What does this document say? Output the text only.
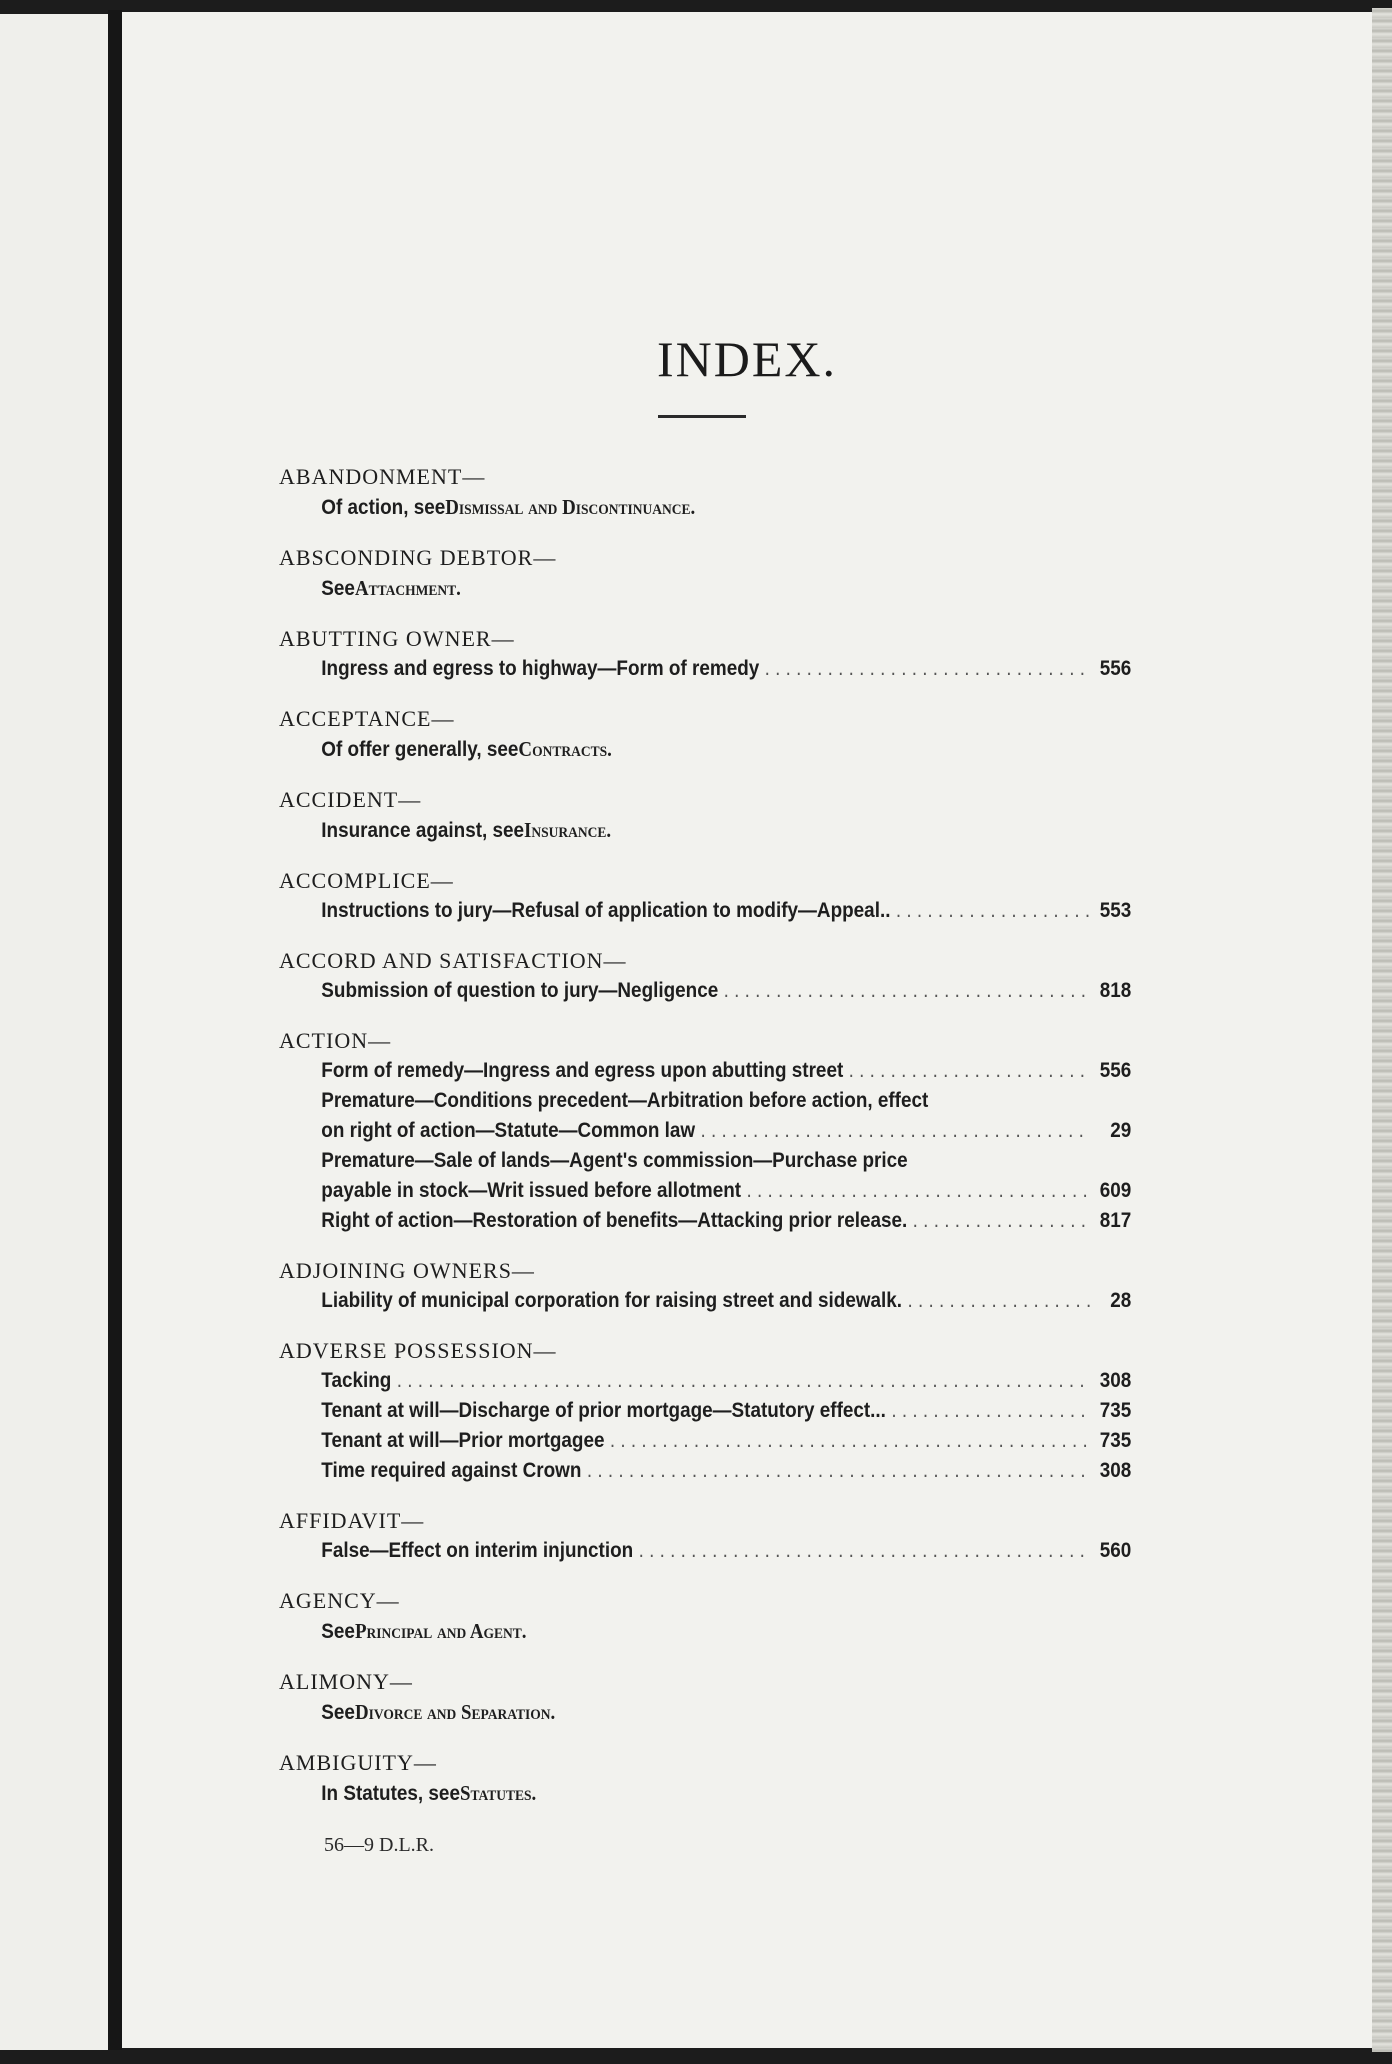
INDEX.
ABANDONMENT—
Of action, see Dismissal and Discontinuance.
ABSCONDING DEBTOR—
See Attachment.
ABUTTING OWNER—
Ingress and egress to highway—Form of remedy . . .	556
ACCEPTANCE—
Of offer generally, see Contracts.
ACCIDENT—
Insurance against, see Insurance.
ACCOMPLICE—
Instructions to jury—Refusal of application to modify—Appeal.. . . .	553
ACCORD AND SATISFACTION—
Submission of question to jury—Negligence . . .	818
ACTION—
Form of remedy—Ingress and egress upon abutting street . . .	556
Premature—Conditions precedent—Arbitration before action, effect
on right of action—Statute—Common law . . .	29
Premature—Sale of lands—Agent's commission—Purchase price
payable in stock—Writ issued before allotment . . .	609
Right of action—Restoration of benefits—Attacking prior release. . . .	817
ADJOINING OWNERS—
Liability of municipal corporation for raising street and sidewalk. . . .	28
ADVERSE POSSESSION—
Tacking . . .	308
Tenant at will—Discharge of prior mortgage—Statutory effect... . . .	735
Tenant at will—Prior mortgagee . . .	735
Time required against Crown . . .	308
AFFIDAVIT—
False—Effect on interim injunction . . .	560
AGENCY—
See Principal and Agent.
ALIMONY—
See Divorce and Separation.
AMBIGUITY—
In Statutes, see Statutes.
56—9 D.L.R.
